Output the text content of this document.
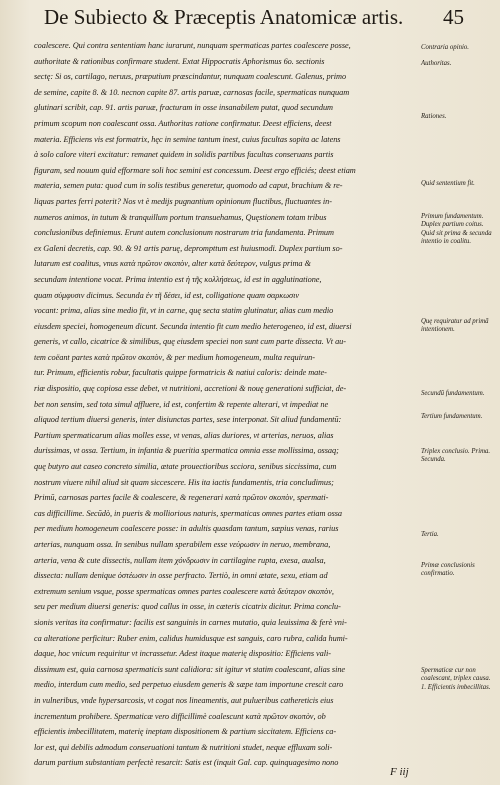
De Subiecto & Præceptis Anatomicæ artis. 45
coalescere. Qui contra sententiam hanc iurarunt, nunquam spermaticas partes coalescere posse,
authoritate & rationibus confirmare student. Extat Hippocratis Aphorismus 6o. sectionis
sectę: Si os, cartilago, neruus, præputium præscindantur, nunquam coalescunt. Galenus, primo
de semine, capite 8. & 10. necnon capite 87. artis paruæ, carnosas facile, spermaticas nunquam
glutinari scribit, cap. 91. artis paruæ, fracturam in osse insanabilem putat, quod secundum
primum scopum non coalescant ossa. Authoritas ratione confirmatur. Deest efficiens, deest
materia. Efficiens vis est formatrix, hęc in semine tantum inest, cuius facultas sopita ac latens
à solo calore viteri excitatur: remanet quidem in solidis partibus facultas conseruans partis
figuram, sed nouum quid efformare soli hoc semini est concessum. Deest ergo efficiés; deest etiam
materia, semen puta: quod cum in solis testibus generetur, quomodo ad caput, brachium & re-
liquas partes ferri poterit? Nos vt è medijs pugnantium opinionum fluctibus, fluctuantes in-
numeros animos, in tutum & tranquillum portum transuehamus, Quęstionem totam tribus
conclusionibus definiemus. Erunt autem conclusionum nostrarum tria fundamenta. Primum
ex Galeni decretis, cap. 90. & 91 artis paruę, deprompttum est huiusmodi. Duplex partium so-
lutarum est coalitus, vnus κατὰ πρῶτον σκοπὸν, alter κατὰ δεύτερον, vulgus prima &
secundam intentione vocat. Prima intentio est ἡ τῆς κολλήσεως, id est in agglutinatione,
quam σύμφυσιν dicimus. Secunda ἐν τῆ δέσει, id est, colligatione quam σαρκωσιν
vocant: prima, alias sine medio fit, vt in carne, quę secta statim glutinatur, alias cum medio
eiusdem speciei, homogeneum dicunt. Secunda intentio fit cum medio heterogeneo, id est, diuersi
generis, vt callo, cicatrice & similibus, quę eiusdem speciei non sunt cum parte dissecta. Vt au-
tem coëant partes κατὰ πρῶτον σκοπὸν, & per medium homogeneum, multa requirun-
tur. Primum, efficientis robur, facultatis quippe formatricis & natiui caloris: deinde mate-
riæ dispositio, quę copiosa esse debet, vt nutritioni, accretioni & nouę generationi sufficiat, de-
bet non sensim, sed tota simul affluere, id est, confertim & repente alterari, vt impediat ne
aliquod tertium diuersi generis, inter disiunctas partes, sese interponat. Sit aliud fundamentū:
Partium spermaticarum alias molles esse, vt venas, alias duriores, vt arterias, neruos, alias
durissimas, vt ossa. Tertium, in infantia & pueritia spermatica omnia esse mollissima, ossaq;
quę butyro aut caseo concreto similia, ætate prouectioribus scciora, senibus siccissima, cum
nostrum viuere nihil aliud sit quam siccescere. His ita iactis fundamentis, tria concludimus;
Primū, carnosas partes facile & coalescere, & regenerari κατὰ πρῶτον σκοπὸν, spermati-
cas difficillime. Secūdò, in pueris & molliorious naturis, spermaticas omnes partes etiam ossa
per medium homogeneum coalescere posse: in adultis quasdam tantum, sæpius venas, rarius
arterias, nunquam ossa. In senibus nullam sperabilem esse νεύρωσιν in neruo, membrana,
arteria, vena & cute dissectis, nullam item χόνδρωσιν in cartilagine rupta, exesa, aualsa,
dissecta: nullam denique ὀστέωσιν in osse perfracto. Tertiò, in omni ætate, sexu, etiam ad
extremum senium vsque, posse spermaticas omnes partes coalescere κατὰ δεύτερον σκοπὸν,
seu per medium diuersi generis: quod callus in osse, in cæteris cicatrix dicitur. Prima conclu-
sionis veritas ita confirmatur: facilis est sanguinis in carnes mutatio, quia leuissima & ferè vni-
ca alteratione perficitur: Ruber enim, calidus humidusque est sanguis, caro rubra, calida humi-
daque, hoc vnicum requiritur vt incrassetur. Adest itaque materię dispositio: Efficiens vali-
dissimum est, quia carnosa spermaticis sunt calidiora: sit igitur vt statim coalescant, alias sine
medio, interdum cum medio, sed perpetuo eiusdem generis & sæpe tam importune crescit caro
in vulneribus, vnde hypersarcosis, vt cogat nos lineamentis, aut pulueribus cathereticis eius
incrementum prohibere. Spermaticæ vero difficillimè coalescunt κατὰ πρῶτον σκοπὸν, ob
efficientis imbecillitatem, materię ineptam dispositionem & partium siccitatem. Efficiens ca-
lor est, qui debilis admodum conseruationi tantum & nutritioni studet, neque effluxam soli-
darum partium substantiam perfectè resarcit: Satis est (inquit Gal. cap. quinquagesimo nono
Contraria opinio.
Authoritas.
Rationes.
Quid sententium fit.
Primum fundamentum. Duplex partium coitus. Quid sit prima & secunda intentio in coalitu.
Quę requiratur ad primā intentionem.
Secundū fundamentum.
Tertium fundamentum.
Triplex conclusio. Prima. Secunda.
Tertia.
Primæ conclusionis confirmatio.
Spermaticæ cur non coalescant, triplex causa. 1. Efficientis imbecillitas.
F iij
